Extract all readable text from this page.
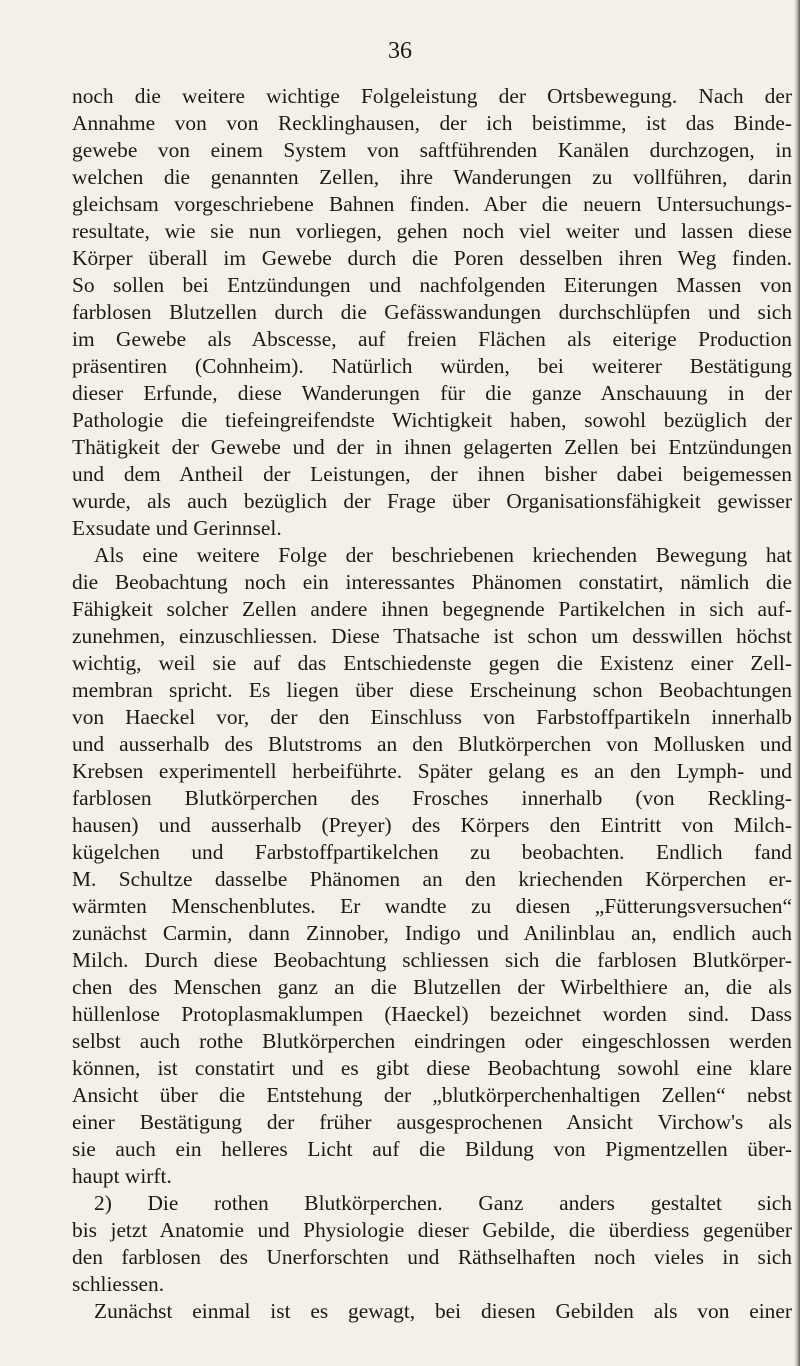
36
noch die weitere wichtige Folgeleistung der Ortsbewegung. Nach der
Annahme von von Recklinghausen, der ich beistimme, ist das Binde-
gewebe von einem System von saftführenden Kanälen durchzogen, in
welchen die genannten Zellen, ihre Wanderungen zu vollführen, darin
gleichsam vorgeschriebene Bahnen finden. Aber die neuern Untersuchungs-
resultate, wie sie nun vorliegen, gehen noch viel weiter und lassen diese
Körper überall im Gewebe durch die Poren desselben ihren Weg finden.
So sollen bei Entzündungen und nachfolgenden Eiterungen Massen von
farblosen Blutzellen durch die Gefässwandungen durchschlüpfen und sich
im Gewebe als Abscesse, auf freien Flächen als eiterige Production
präsentiren (Cohnheim). Natürlich würden, bei weiterer Bestätigung
dieser Erfunde, diese Wanderungen für die ganze Anschauung in der
Pathologie die tiefeingreifendste Wichtigkeit haben, sowohl bezüglich der
Thätigkeit der Gewebe und der in ihnen gelagerten Zellen bei Entzündungen
und dem Antheil der Leistungen, der ihnen bisher dabei beigemessen
wurde, als auch bezüglich der Frage über Organisationsfähigkeit gewisser
Exsudate und Gerinnsel.
Als eine weitere Folge der beschriebenen kriechenden Bewegung hat
die Beobachtung noch ein interessantes Phänomen constatirt, nämlich die
Fähigkeit solcher Zellen andere ihnen begegnende Partikelchen in sich auf-
zunehmen, einzuschliessen. Diese Thatsache ist schon um desswillen höchst
wichtig, weil sie auf das Entschiedenste gegen die Existenz einer Zell-
membran spricht. Es liegen über diese Erscheinung schon Beobachtungen
von Haeckel vor, der den Einschluss von Farbstoffpartikeln innerhalb
und ausserhalb des Blutstroms an den Blutkörperchen von Mollusken und
Krebsen experimentell herbeiführte. Später gelang es an den Lymph- und
farblosen Blutkörperchen des Frosches innerhalb (von Reckling-
hausen) und ausserhalb (Preyer) des Körpers den Eintritt von Milch-
kügelchen und Farbstoffpartikelchen zu beobachten. Endlich fand
M. Schultze dasselbe Phänomen an den kriechenden Körperchen er-
wärmten Menschenblutes. Er wandte zu diesen „Fütterungsversuchen“
zunächst Carmin, dann Zinnober, Indigo und Anilinblau an, endlich auch
Milch. Durch diese Beobachtung schliessen sich die farblosen Blutkörper-
chen des Menschen ganz an die Blutzellen der Wirbelthiere an, die als
hüllenlose Protoplasmaklumpen (Haeckel) bezeichnet worden sind. Dass
selbst auch rothe Blutkörperchen eindringen oder eingeschlossen werden
können, ist constatirt und es gibt diese Beobachtung sowohl eine klare
Ansicht über die Entstehung der „blutkörperchenhaltigen Zellen“ nebst
einer Bestätigung der früher ausgesprochenen Ansicht Virchow's als
sie auch ein helleres Licht auf die Bildung von Pigmentzellen über-
haupt wirft.
2) Die rothen Blutkörperchen. Ganz anders gestaltet sich
bis jetzt Anatomie und Physiologie dieser Gebilde, die überdiess gegenüber
den farblosen des Unerforschten und Räthselhaften noch vieles in sich
schliessen.
Zunächst einmal ist es gewagt, bei diesen Gebilden als von einer
